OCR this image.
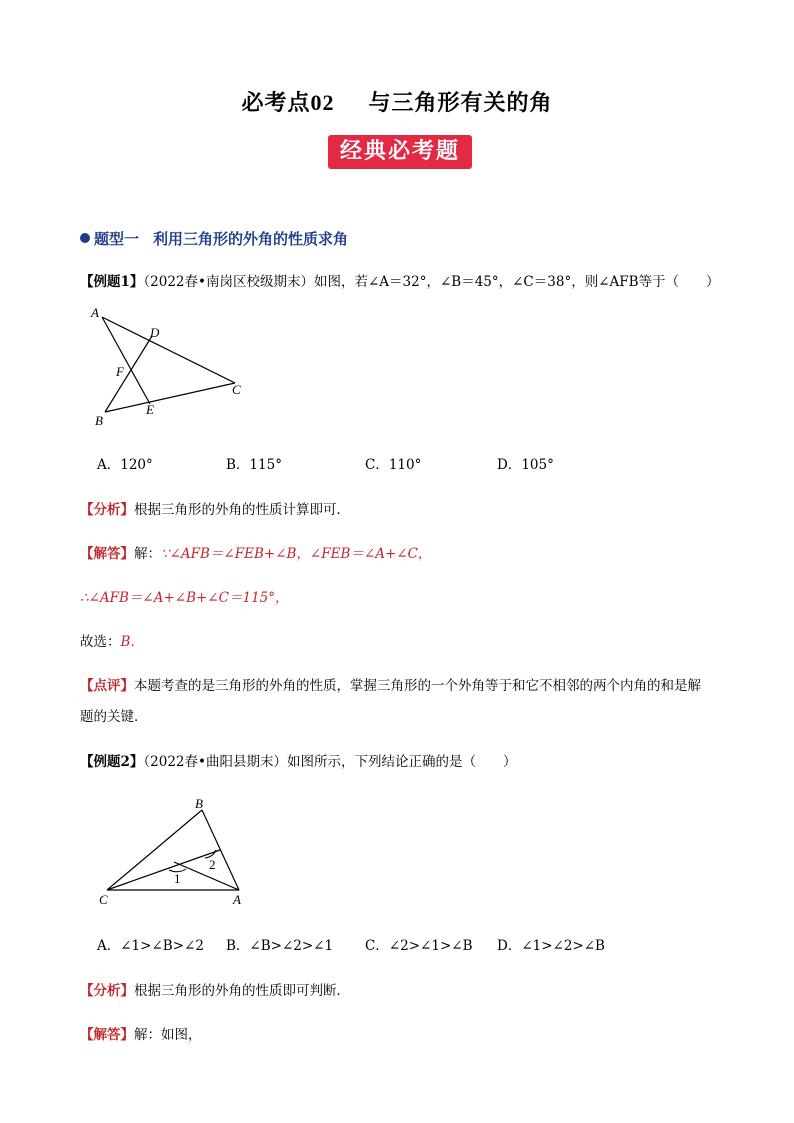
必考点02 与三角形有关的角
经典必考题
题型一 利用三角形的外角的性质求角
【例题1】（2022春•南岗区校级期末）如图，若∠A＝32°，∠B＝45°，∠C＝38°，则∠AFB等于（　　）
A
D
F
C
E
B
A．120°	B．115°	C．110°	D．105°
【分析】根据三角形的外角的性质计算即可．
【解答】解：∵∠AFB＝∠FEB+∠B，∠FEB＝∠A+∠C，
∴∠AFB＝∠A+∠B+∠C＝115°，
故选：B．
【点评】本题考查的是三角形的外角的性质，掌握三角形的一个外角等于和它不相邻的两个内角的和是解
题的关键．
【例题2】（2022春•曲阳县期末）如图所示，下列结论正确的是（　　）
B
C	A
1
2
A．∠1>∠B>∠2 B．∠B>∠2>∠1 C．∠2>∠1>∠B D．∠1>∠2>∠B
【分析】根据三角形的外角的性质即可判断．
【解答】解：如图，
